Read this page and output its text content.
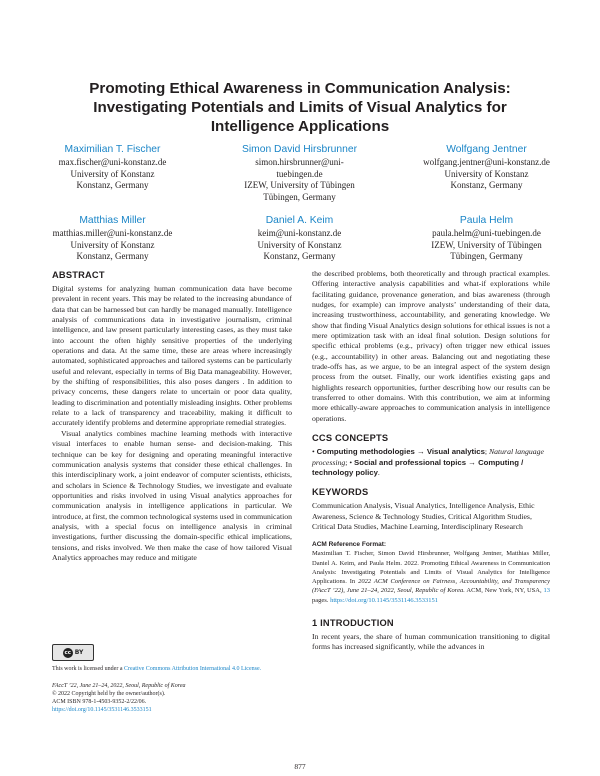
Promoting Ethical Awareness in Communication Analysis:
Investigating Potentials and Limits of Visual Analytics for
Intelligence Applications
Maximilian T. Fischer
max.fischer@uni-konstanz.de
University of Konstanz
Konstanz, Germany
Simon David Hirsbrunner
simon.hirsbrunner@uni-
tuebingen.de
IZEW, University of Tübingen
Tübingen, Germany
Wolfgang Jentner
wolfgang.jentner@uni-konstanz.de
University of Konstanz
Konstanz, Germany
Matthias Miller
matthias.miller@uni-konstanz.de
University of Konstanz
Konstanz, Germany
Daniel A. Keim
keim@uni-konstanz.de
University of Konstanz
Konstanz, Germany
Paula Helm
paula.helm@uni-tuebingen.de
IZEW, University of Tübingen
Tübingen, Germany
ABSTRACT

Digital systems for analyzing human communication data have become prevalent in recent years. This may be related to the increasing abundance of data that can be harnessed but can hardly be managed manually. Intelligence analysis of communications data in investigative journalism, criminal intelligence, and law present particularly interesting cases, as they must take into account the often highly sensitive properties of the underlying operations and data. At the same time, these are areas where increasingly automated, sophisticated approaches and tailored systems can be particularly useful and relevant, especially in terms of Big Data manageability. However, by the shifting of responsibilities, this also poses dangers . In addition to privacy concerns, these dangers relate to uncertain or poor data quality, leading to discrimination and potentially misleading insights. Other problems relate to a lack of transparency and traceability, making it difficult to accurately identify problems and determine appropriate remedial strategies.

Visual analytics combines machine learning methods with interactive visual interfaces to enable human sense- and decision-making. This technique can be key for designing and operating meaningful interactive communication analysis systems that consider these ethical challenges. In this interdisciplinary work, a joint endeavor of computer scientists, ethicists, and scholars in Science & Technology Studies, we investigate and evaluate opportunities and risks involved in using Visual analytics approaches for communication analysis in intelligence applications in particular. We introduce, at first, the common technological systems used in communication analysis, with a special focus on intelligence analysis in criminal investigations, further discussing the domain-specific ethical implications, tensions, and risks involved. We then make the case of how tailored Visual Analytics approaches may reduce and mitigate

cc BY

This work is licensed under a Creative Commons Attribution International 4.0 License.

FAccT ’22, June 21–24, 2022, Seoul, Republic of Korea
© 2022 Copyright held by the owner/author(s).
ACM ISBN 978-1-4503-9352-2/22/06.
https://doi.org/10.1145/3531146.3533151

the described problems, both theoretically and through practical examples. Offering interactive analysis capabilities and what-if explorations while facilitating guidance, provenance generation, and bias awareness (through nudges, for example) can improve analysts’ understanding of their data, increasing trustworthiness, accountability, and generating knowledge. We show that finding Visual Analytics design solutions for ethical issues is not a mere optimization task with an ideal final solution. Design solutions for specific ethical problems (e.g., privacy) often trigger new ethical issues (e.g., accountability) in other areas. Balancing out and negotiating these trade-offs has, as we argue, to be an integral aspect of the system design process from the outset. Finally, our work identifies existing gaps and highlights research opportunities, further describing how our results can be transferred to other domains. With this contribution, we aim at informing more ethically-aware approaches to communication analysis in intelligence operations.

CCS CONCEPTS

• Computing methodologies → Visual analytics; Natural language processing; • Social and professional topics → Computing / technology policy.

KEYWORDS

Communication Analysis, Visual Analytics, Intelligence Analysis, Ethic Awareness, Science & Technology Studies, Critical Algorithm Studies, Critical Data Studies, Machine Learning, Interdisciplinary Research

ACM Reference Format:

Maximilian T. Fischer, Simon David Hirsbrunner, Wolfgang Jentner, Matthias Miller, Daniel A. Keim, and Paula Helm. 2022. Promoting Ethical Awareness in Communication Analysis: Investigating Potentials and Limits of Visual Analytics for Intelligence Applications. In 2022 ACM Conference on Fairness, Accountability, and Transparency (FAccT ’22), June 21–24, 2022, Seoul, Republic of Korea. ACM, New York, NY, USA, 13 pages. https://doi.org/10.1145/3531146.3533151

1 INTRODUCTION

In recent years, the share of human communication transitioning to digital forms has increased significantly, while the advances in

877
